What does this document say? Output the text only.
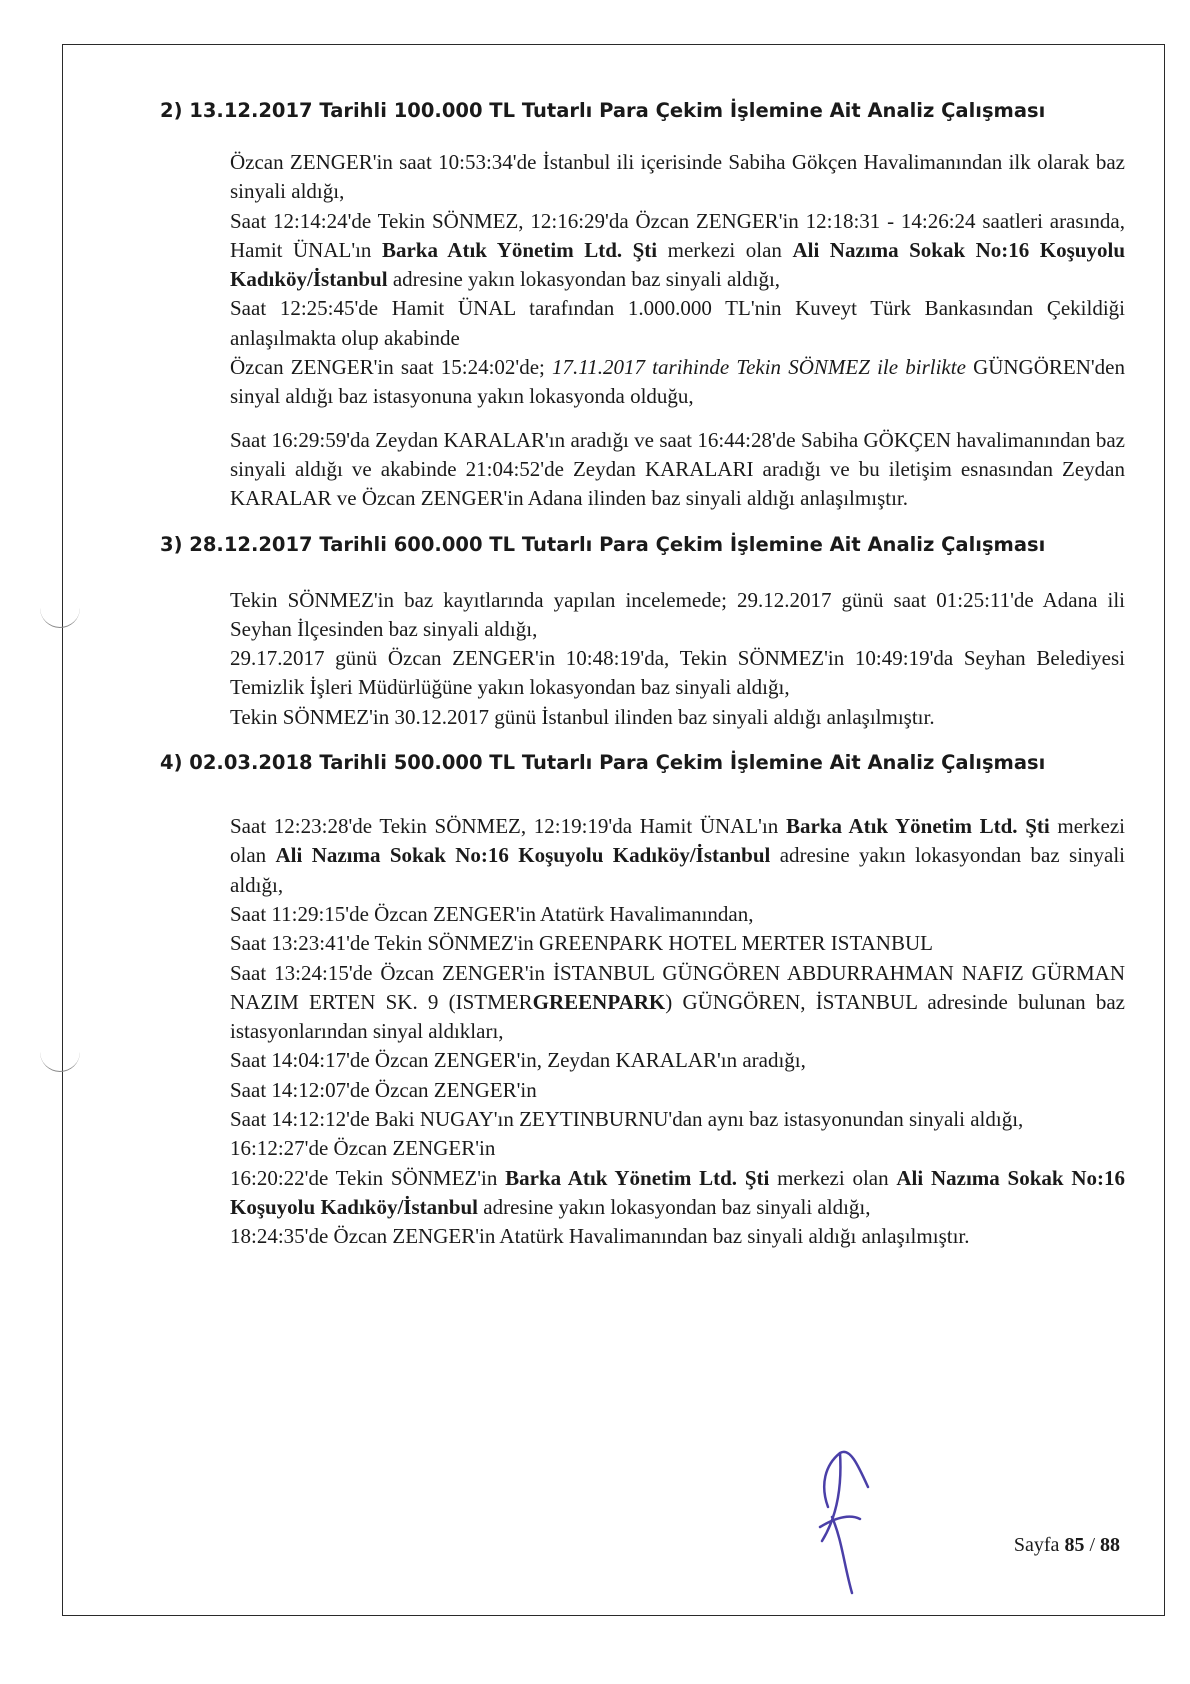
2) 13.12.2017 Tarihli 100.000 TL Tutarlı Para Çekim İşlemine Ait Analiz Çalışması

Özcan ZENGER'in saat 10:53:34'de İstanbul ili içerisinde Sabiha Gökçen Havalimanından ilk olarak baz sinyali aldığı,

Saat 12:14:24'de Tekin SÖNMEZ, 12:16:29'da Özcan ZENGER'in 12:18:31 - 14:26:24 saatleri arasında, Hamit ÜNAL'ın Barka Atık Yönetim Ltd. Şti merkezi olan Ali Nazıma Sokak No:16 Koşuyolu Kadıköy/İstanbul adresine yakın lokasyondan baz sinyali aldığı,

Saat 12:25:45'de Hamit ÜNAL tarafından 1.000.000 TL'nin Kuveyt Türk Bankasından Çekildiği anlaşılmakta olup akabinde

Özcan ZENGER'in saat 15:24:02'de; 17.11.2017 tarihinde Tekin SÖNMEZ ile birlikte GÜNGÖREN'den sinyal aldığı baz istasyonuna yakın lokasyonda olduğu,

Saat 16:29:59'da Zeydan KARALAR'ın aradığı ve saat 16:44:28'de Sabiha GÖKÇEN havalimanından baz sinyali aldığı ve akabinde 21:04:52'de Zeydan KARALARI aradığı ve bu iletişim esnasından Zeydan KARALAR ve Özcan ZENGER'in Adana ilinden baz sinyali aldığı anlaşılmıştır.

3) 28.12.2017 Tarihli 600.000 TL Tutarlı Para Çekim İşlemine Ait Analiz Çalışması

Tekin SÖNMEZ'in baz kayıtlarında yapılan incelemede; 29.12.2017 günü saat 01:25:11'de Adana ili Seyhan İlçesinden baz sinyali aldığı,

29.17.2017 günü Özcan ZENGER'in 10:48:19'da, Tekin SÖNMEZ'in 10:49:19'da Seyhan Belediyesi Temizlik İşleri Müdürlüğüne yakın lokasyondan baz sinyali aldığı,

Tekin SÖNMEZ'in 30.12.2017 günü İstanbul ilinden baz sinyali aldığı anlaşılmıştır.

4) 02.03.2018 Tarihli 500.000 TL Tutarlı Para Çekim İşlemine Ait Analiz Çalışması

Saat 12:23:28'de Tekin SÖNMEZ, 12:19:19'da Hamit ÜNAL'ın Barka Atık Yönetim Ltd. Şti merkezi olan Ali Nazıma Sokak No:16 Koşuyolu Kadıköy/İstanbul adresine yakın lokasyondan baz sinyali aldığı,

Saat 11:29:15'de Özcan ZENGER'in Atatürk Havalimanından,

Saat 13:23:41'de Tekin SÖNMEZ'in GREENPARK HOTEL MERTER ISTANBUL

Saat 13:24:15'de Özcan ZENGER'in İSTANBUL GÜNGÖREN ABDURRAHMAN NAFIZ GÜRMAN NAZIM ERTEN SK. 9 (ISTMERGREENPARK) GÜNGÖREN, İSTANBUL adresinde bulunan baz istasyonlarından sinyal aldıkları,

Saat 14:04:17'de Özcan ZENGER'in, Zeydan KARALAR'ın aradığı,

Saat 14:12:07'de Özcan ZENGER'in

Saat 14:12:12'de Baki NUGAY'ın ZEYTINBURNU'dan aynı baz istasyonundan sinyali aldığı,

16:12:27'de Özcan ZENGER'in

16:20:22'de Tekin SÖNMEZ'in Barka Atık Yönetim Ltd. Şti merkezi olan Ali Nazıma Sokak No:16 Koşuyolu Kadıköy/İstanbul adresine yakın lokasyondan baz sinyali aldığı,

18:24:35'de Özcan ZENGER'in Atatürk Havalimanından baz sinyali aldığı anlaşılmıştır.

Sayfa 85 / 88
